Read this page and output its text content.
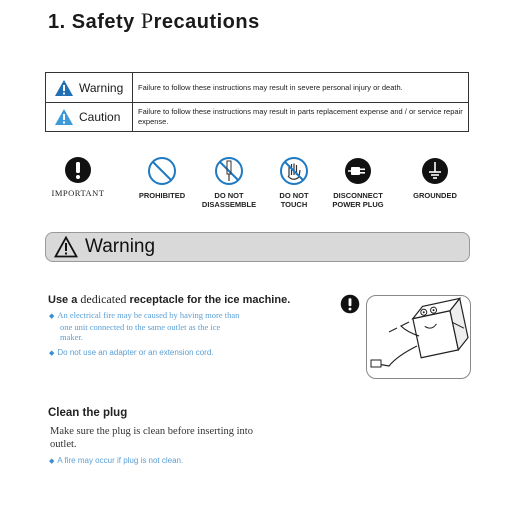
1. Safety Precautions
Warning Failure to follow these instructions may result in severe personal injury or death.
Caution Failure to follow these instructions may result in parts replacement expense and / or service repair expense.
IMPORTANT	PROHIBITED	DO NOT
DISASSEMBLE
DO NOT
TOUCH
DISCONNECT
POWER PLUG
GROUNDED
Warning
Use a dedicated receptacle for the ice machine.
◆ An electrical fire may be caused by having more than
one unit connected to the same outlet as the ice
maker.
◆ Do not use an adapter or an extension cord.
Clean the plug
Make sure the plug is clean before inserting into
outlet.
◆ A fire may occur if plug is not clean.
